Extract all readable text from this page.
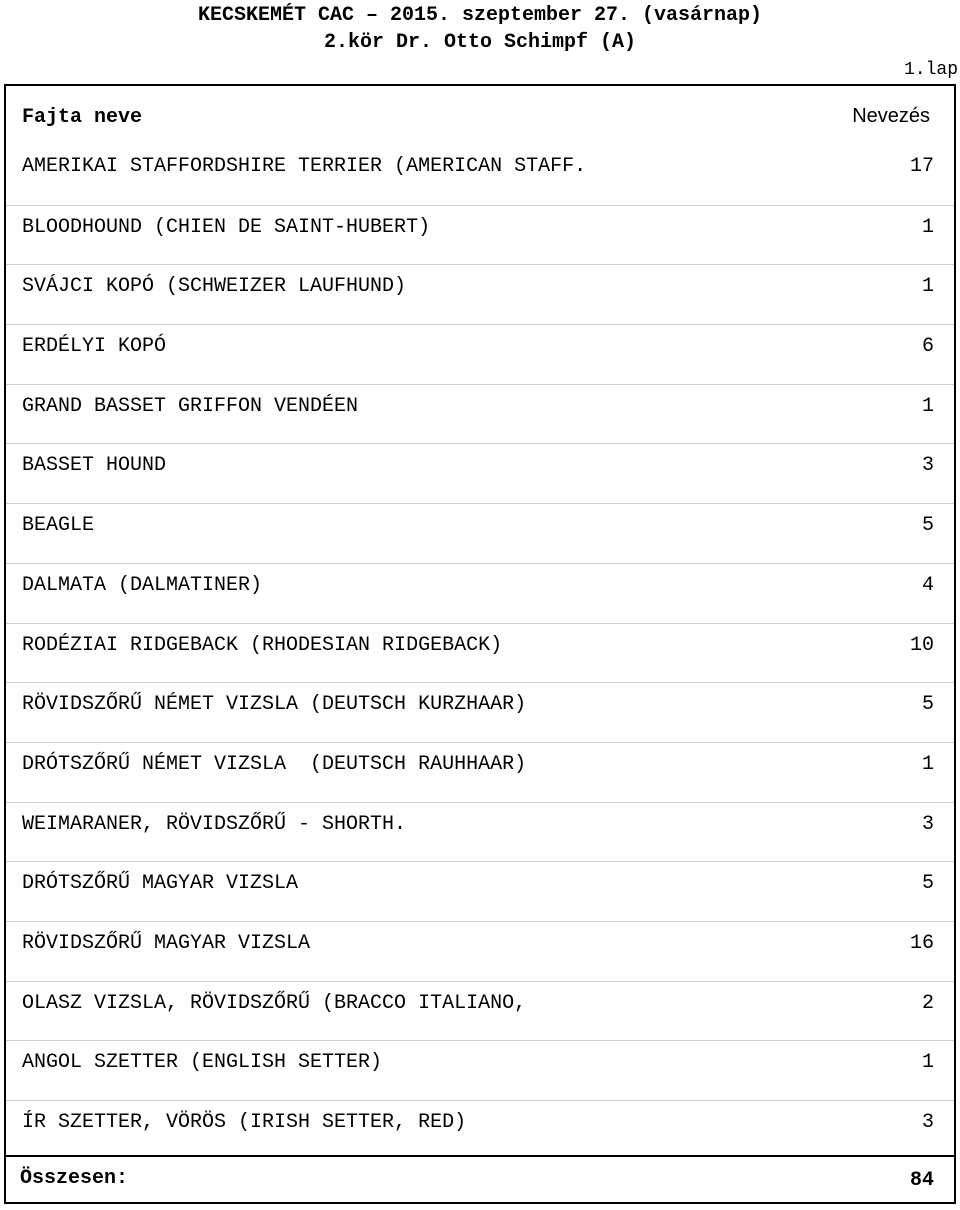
KECSKEMÉT CAC – 2015. szeptember 27. (vasárnap)
2.kör Dr. Otto Schimpf (A)
1.lap
Fajta neve	Nevezés
AMERIKAI STAFFORDSHIRE TERRIER (AMERICAN STAFF.	17
BLOODHOUND (CHIEN DE SAINT-HUBERT)	1
SVÁJCI KOPÓ (SCHWEIZER LAUFHUND)	1
ERDÉLYI KOPÓ	6
GRAND BASSET GRIFFON VENDÉEN	1
BASSET HOUND	3
BEAGLE	5
DALMATA (DALMATINER)	4
RODÉZIAI RIDGEBACK (RHODESIAN RIDGEBACK)	10
RÖVIDSZŐRŰ NÉMET VIZSLA (DEUTSCH KURZHAAR)	5
DRÓTSZŐRŰ NÉMET VIZSLA  (DEUTSCH RAUHHAAR)	1
WEIMARANER, RÖVIDSZŐRŰ - SHORTH.	3
DRÓTSZŐRŰ MAGYAR VIZSLA	5
RÖVIDSZŐRŰ MAGYAR VIZSLA	16
OLASZ VIZSLA, RÖVIDSZŐRŰ (BRACCO ITALIANO,	2
ANGOL SZETTER (ENGLISH SETTER)	1
ÍR SZETTER, VÖRÖS (IRISH SETTER, RED)	3
Összesen:	84
